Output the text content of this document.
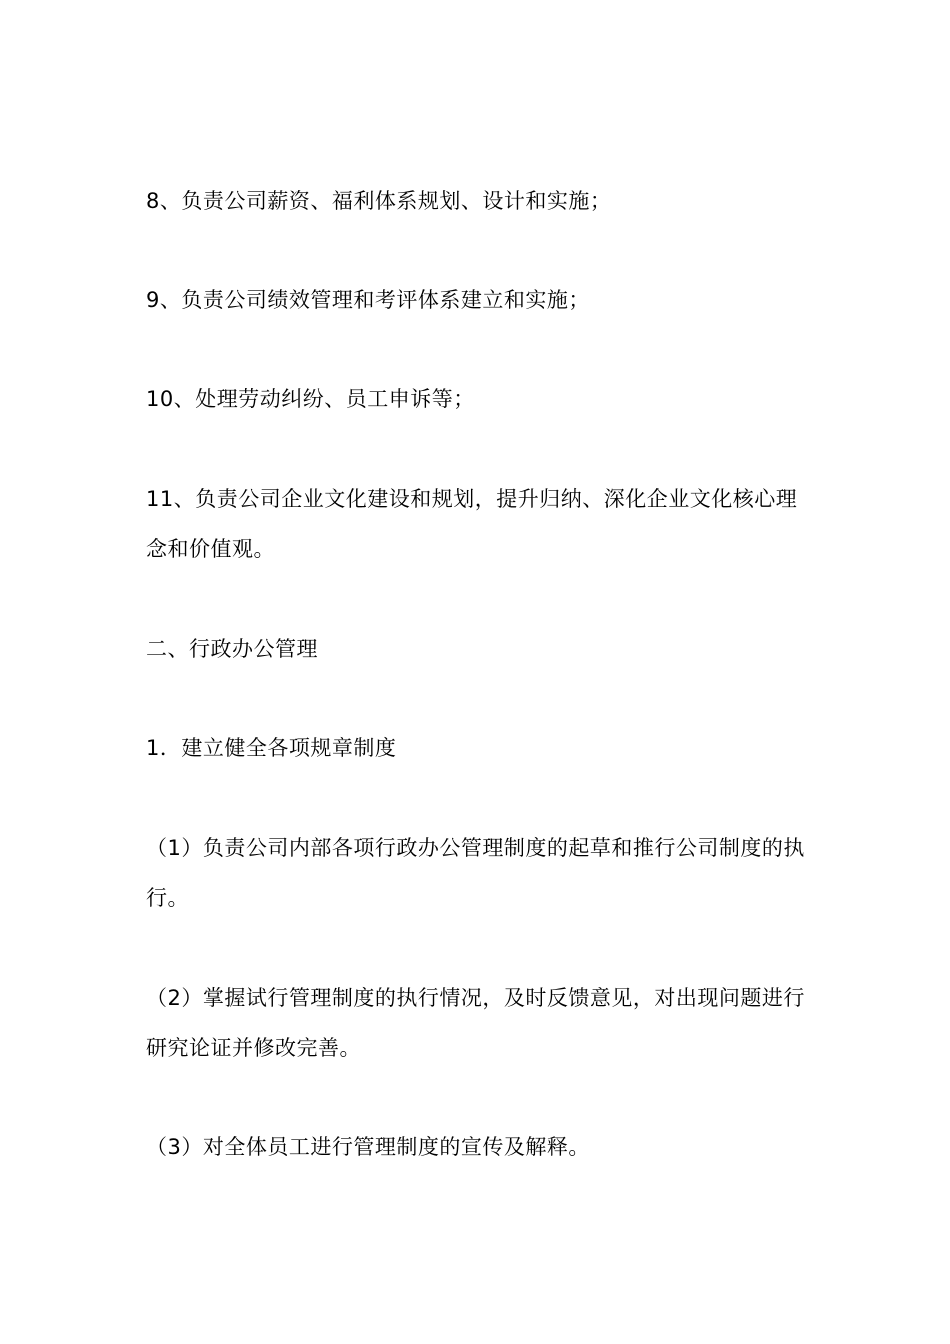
8、负责公司薪资、福利体系规划、设计和实施；

9、负责公司绩效管理和考评体系建立和实施；

10、处理劳动纠纷、员工申诉等；

11、负责公司企业文化建设和规划，提升归纳、深化企业文化核心理念和价值观。

二、行政办公管理

1．建立健全各项规章制度

（1）负责公司内部各项行政办公管理制度的起草和推行公司制度的执行。

（2）掌握试行管理制度的执行情况，及时反馈意见，对出现问题进行研究论证并修改完善。

（3）对全体员工进行管理制度的宣传及解释。
